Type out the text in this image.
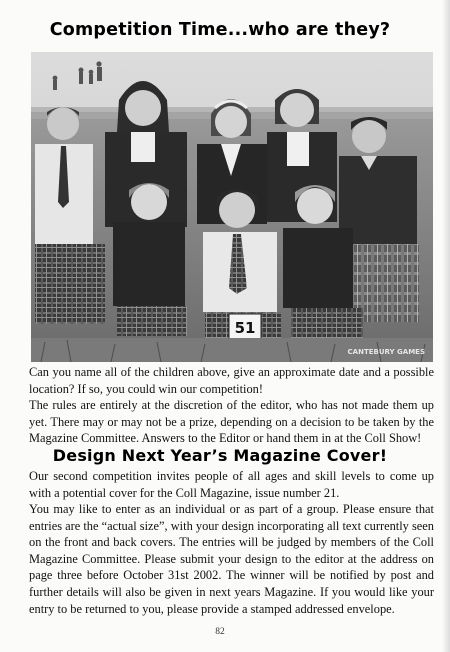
Competition Time...who are they?
51
CANTEBURY GAMES

Can you name all of the children above, give an approximate date and a possible location? If so, you could win our competition!

The rules are entirely at the discretion of the editor, who has not made them up yet. There may or may not be a prize, depending on a decision to be taken by the Magazine Committee. Answers to the Editor or hand them in at the Coll Show!

Design Next Year’s Magazine Cover!

Our second competition invites people of all ages and skill levels to come up with a potential cover for the Coll Magazine, issue number 21.

You may like to enter as an individual or as part of a group. Please ensure that entries are the “actual size”, with your design incorporating all text currently seen on the front and back covers. The entries will be judged by members of the Coll Magazine Committee. Please submit your design to the editor at the address on page three before October 31st 2002. The winner will be notified by post and further details will also be given in next years Magazine. If you would like your entry to be returned to you, please provide a stamped addressed envelope.

82
